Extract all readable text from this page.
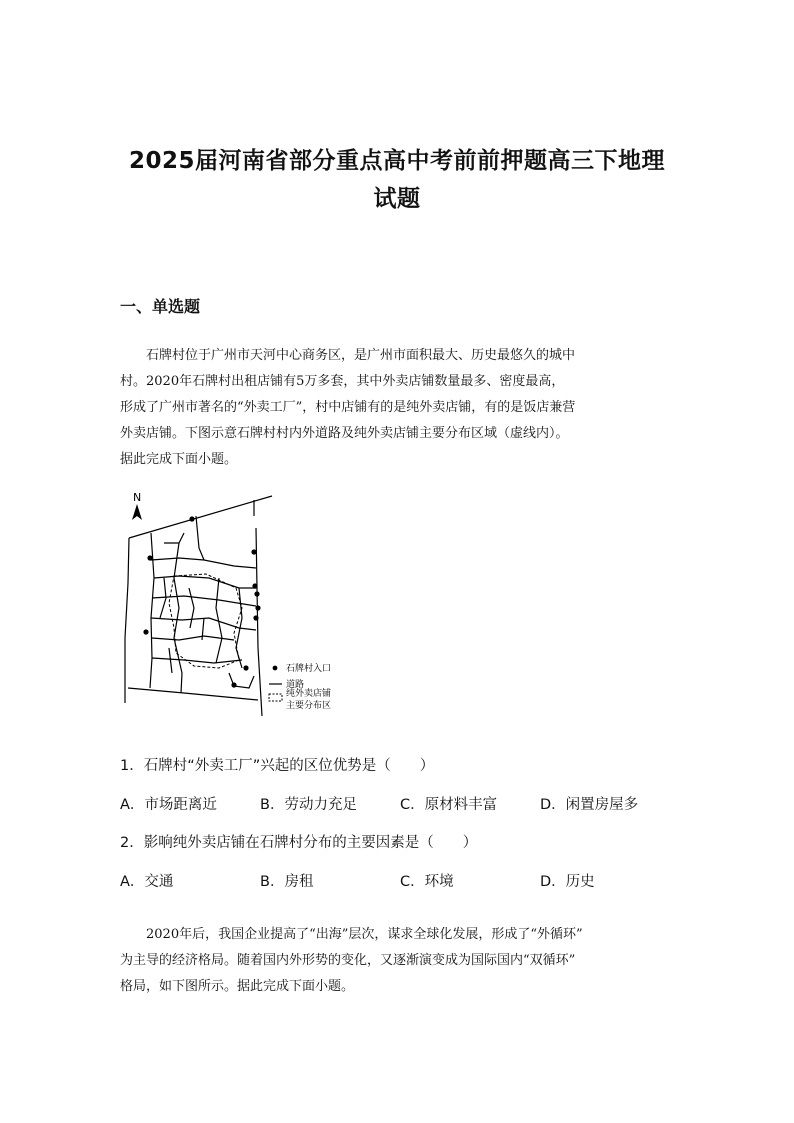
2025届河南省部分重点高中考前前押题高三下地理
试题
一、单选题

石牌村位于广州市天河中心商务区，是广州市面积最大、历史最悠久的城中

村。2020年石牌村出租店铺有5万多套，其中外卖店铺数量最多、密度最高，

形成了广州市著名的“外卖工厂”，村中店铺有的是纯外卖店铺，有的是饭店兼营

外卖店铺。下图示意石牌村村内外道路及纯外卖店铺主要分布区域（虚线内）。

据此完成下面小题。

N
石牌村入口
道路
纯外卖店铺
主要分布区
1．石牌村“外卖工厂”兴起的区位优势是（　　）
A．市场距离近	B．劳动力充足	C．原材料丰富	D．闲置房屋多
2．影响纯外卖店铺在石牌村分布的主要因素是（　　）
A．交通	B．房租	C．环境	D．历史

2020年后，我国企业提高了“出海”层次，谋求全球化发展，形成了“外循环”

为主导的经济格局。随着国内外形势的变化，又逐渐演变成为国际国内“双循环”

格局，如下图所示。据此完成下面小题。
